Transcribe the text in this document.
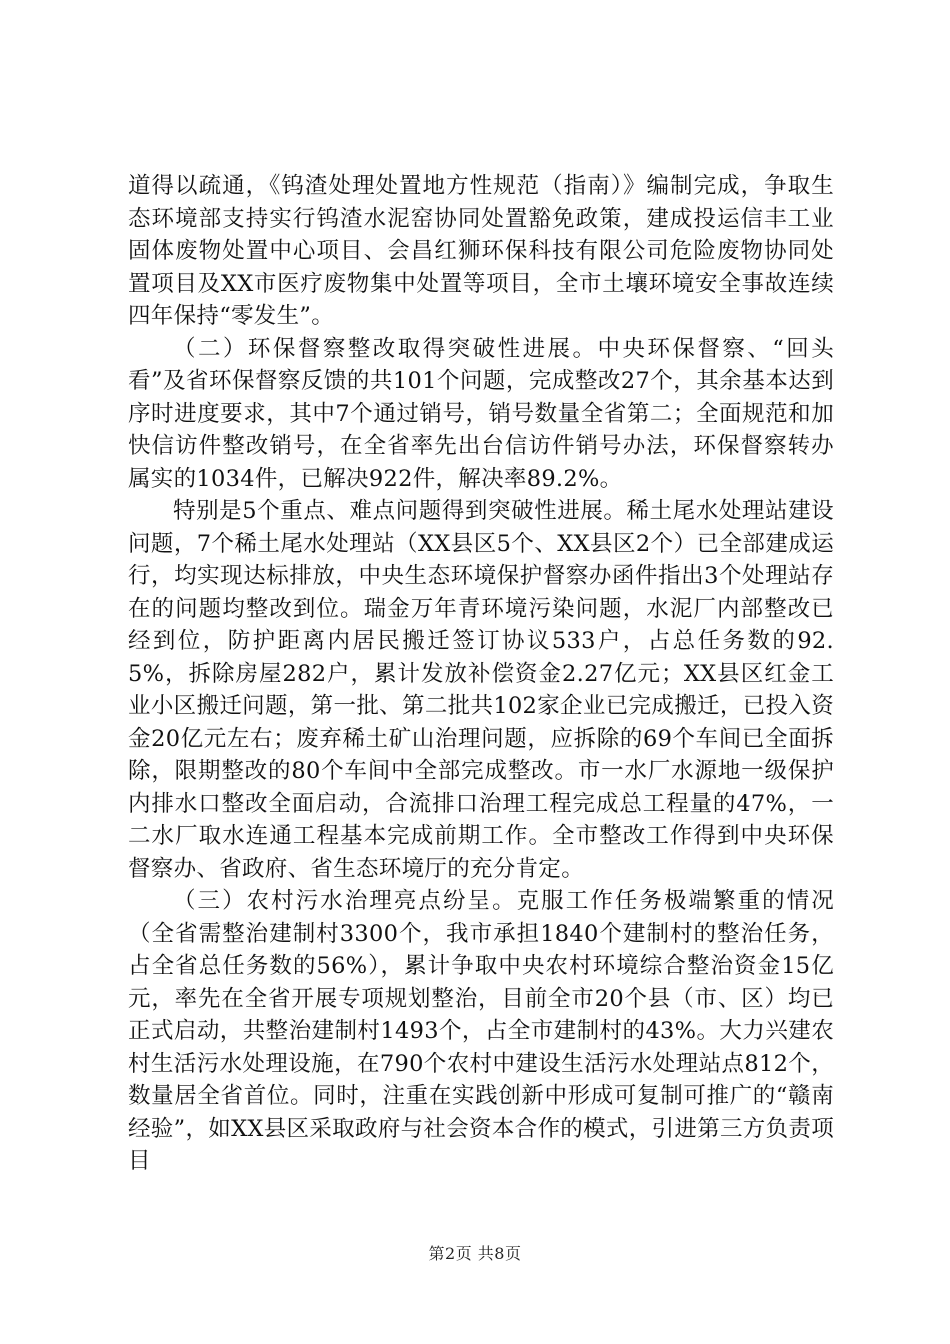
道得以疏通，《钨渣处理处置地方性规范（指南）》编制完成，争取生态环境部支持实行钨渣水泥窑协同处置豁免政策，建成投运信丰工业固体废物处置中心项目、会昌红狮环保科技有限公司危险废物协同处置项目及XX市医疗废物集中处置等项目，全市土壤环境安全事故连续四年保持“零发生”。

（二）环保督察整改取得突破性进展。中央环保督察、“回头看”及省环保督察反馈的共101个问题，完成整改27个，其余基本达到序时进度要求，其中7个通过销号，销号数量全省第二；全面规范和加快信访件整改销号，在全省率先出台信访件销号办法，环保督察转办属实的1034件，已解决922件，解决率89.2%。

特别是5个重点、难点问题得到突破性进展。稀土尾水处理站建设问题，7个稀土尾水处理站（XX县区5个、XX县区2个）已全部建成运行，均实现达标排放，中央生态环境保护督察办函件指出3个处理站存在的问题均整改到位。瑞金万年青环境污染问题，水泥厂内部整改已经到位，防护距离内居民搬迁签订协议533户，占总任务数的92.5%，拆除房屋282户，累计发放补偿资金2.27亿元；XX县区红金工业小区搬迁问题，第一批、第二批共102家企业已完成搬迁，已投入资金20亿元左右；废弃稀土矿山治理问题，应拆除的69个车间已全面拆除，限期整改的80个车间中全部完成整改。市一水厂水源地一级保护内排水口整改全面启动，合流排口治理工程完成总工程量的47%，一二水厂取水连通工程基本完成前期工作。全市整改工作得到中央环保督察办、省政府、省生态环境厅的充分肯定。

（三）农村污水治理亮点纷呈。克服工作任务极端繁重的情况（全省需整治建制村3300个，我市承担1840个建制村的整治任务，占全省总任务数的56%），累计争取中央农村环境综合整治资金15亿元，率先在全省开展专项规划整治，目前全市20个县（市、区）均已正式启动，共整治建制村1493个，占全市建制村的43%。大力兴建农村生活污水处理设施，在790个农村中建设生活污水处理站点812个，数量居全省首位。同时，注重在实践创新中形成可复制可推广的“赣南经验”，如XX县区采取政府与社会资本合作的模式，引进第三方负责项目

第2页 共8页
